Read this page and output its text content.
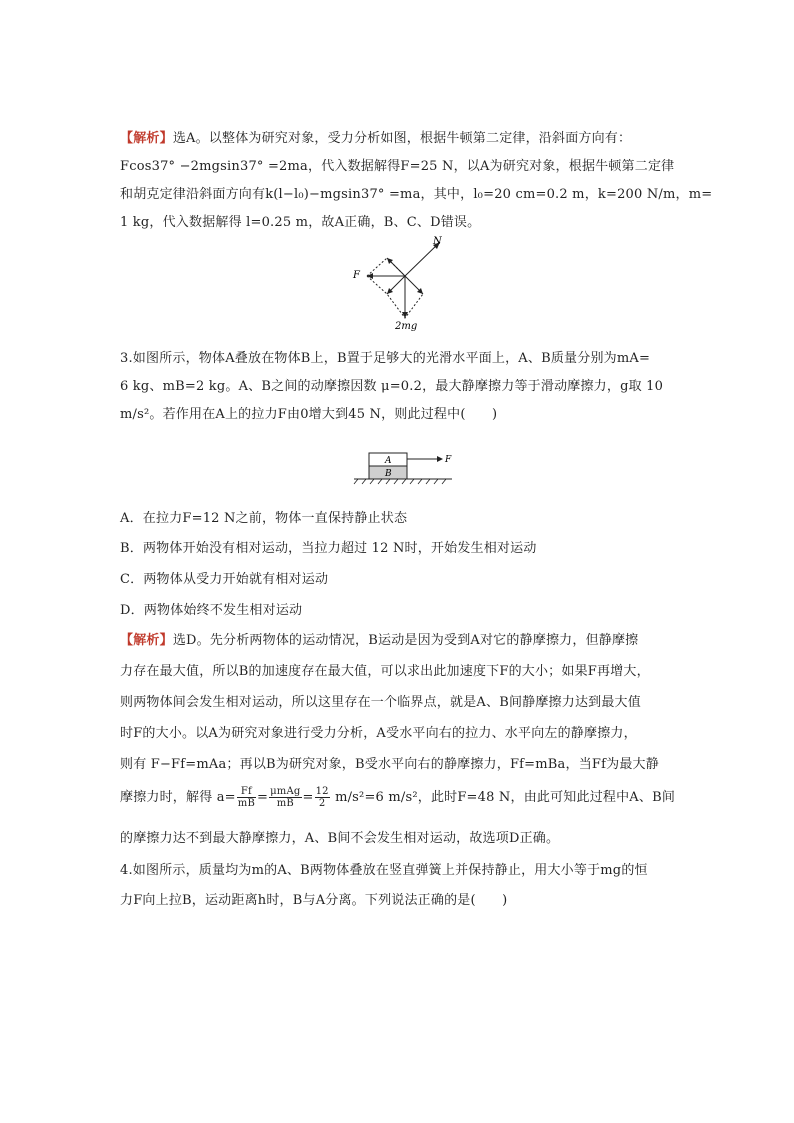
【解析】选A。以整体为研究对象，受力分析如图，根据牛顿第二定律，沿斜面方向有：
Fcos37° −2mgsin37° =2ma，代入数据解得F=25 N，以A为研究对象，根据牛顿第二定律
和胡克定律沿斜面方向有k(l−l₀)−mgsin37° =ma，其中，l₀=20 cm=0.2 m，k=200 N/m，m=
1 kg，代入数据解得 l=0.25 m，故A正确，B、C、D错误。
N
F
2mg
3.如图所示，物体A叠放在物体B上，B置于足够大的光滑水平面上，A、B质量分别为mA=
6 kg、mB=2 kg。A、B之间的动摩擦因数 μ=0.2，最大静摩擦力等于滑动摩擦力，g取 10
m/s²。若作用在A上的拉力F由0增大到45 N，则此过程中(　　)
A
B
F
A．在拉力F=12 N之前，物体一直保持静止状态
B．两物体开始没有相对运动，当拉力超过 12 N时，开始发生相对运动
C．两物体从受力开始就有相对运动
D．两物体始终不发生相对运动
【解析】选D。先分析两物体的运动情况，B运动是因为受到A对它的静摩擦力，但静摩擦
力存在最大值，所以B的加速度存在最大值，可以求出此加速度下F的大小；如果F再增大，
则两物体间会发生相对运动，所以这里存在一个临界点，就是A、B间静摩擦力达到最大值
时F的大小。以A为研究对象进行受力分析，A受水平向右的拉力、水平向左的静摩擦力，
则有 F−Ff=mAa；再以B为研究对象，B受水平向右的静摩擦力，Ff=mBa，当Ff为最大静
摩擦力时，解得 $a= \frac{Ff}{mB} = \frac{\text{μmAg}}{mB} = \frac{12}{2} m/s^2=6$ m/s²，此时F=48 N，由此可知此过程中A、B间
的摩擦力达不到最大静摩擦力，A、B间不会发生相对运动，故选项D正确。
4.如图所示，质量均为m的A、B两物体叠放在竖直弹簧上并保持静止，用大小等于mg的恒
力F向上拉B，运动距离h时，B与A分离。下列说法正确的是(　　)
